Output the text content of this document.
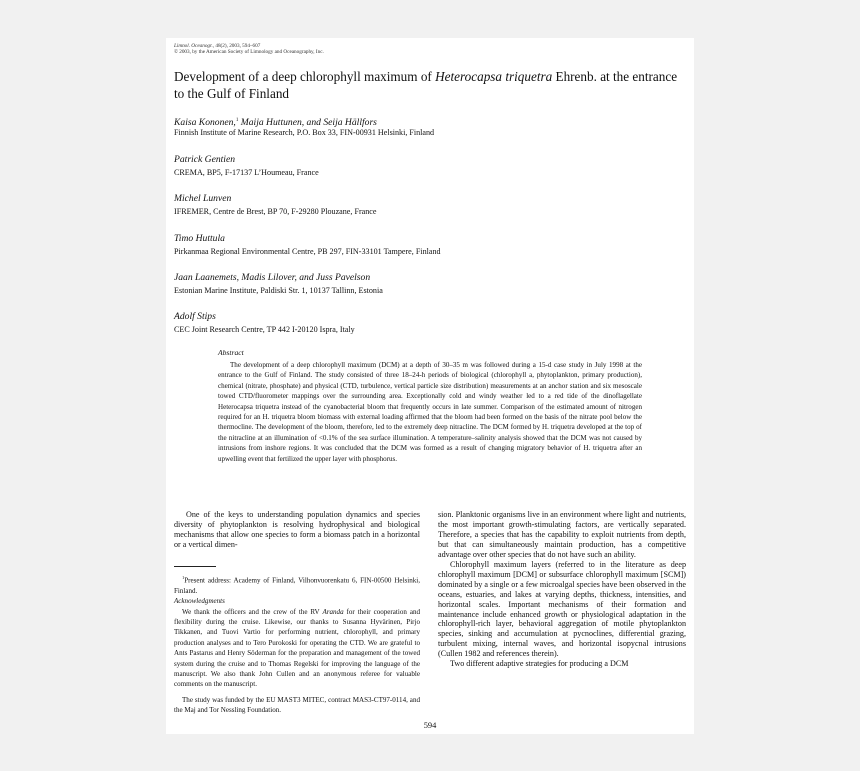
Limnol. Oceanogr., 48(2), 2003, 594–607
© 2003, by the American Society of Limnology and Oceanography, Inc.
Development of a deep chlorophyll maximum of Heterocapsa triquetra Ehrenb. at the entrance to the Gulf of Finland
Kaisa Kononen,$^1$ Maija Huttunen, and Seija Hällfors
Finnish Institute of Marine Research, P.O. Box 33, FIN-00931 Helsinki, Finland
Patrick Gentien
CREMA, BP5, F-17137 L’Houmeau, France
Michel Lunven
IFREMER, Centre de Brest, BP 70, F-29280 Plouzane, France
Timo Huttula
Pirkanmaa Regional Environmental Centre, PB 297, FIN-33101 Tampere, Finland
Jaan Laanemets, Madis Lilover, and Juss Pavelson
Estonian Marine Institute, Paldiski Str. 1, 10137 Tallinn, Estonia
Adolf Stips
CEC Joint Research Centre, TP 442 I-20120 Ispra, Italy
Abstract

The development of a deep chlorophyll maximum (DCM) at a depth of 30–35 m was followed during a 15-d case study in July 1998 at the entrance to the Gulf of Finland. The study consisted of three 18–24-h periods of biological (chlorophyll a, phytoplankton, primary production), chemical (nitrate, phosphate) and physical (CTD, turbulence, vertical particle size distribution) measurements at an anchor station and six mesoscale towed CTD/fluorometer mappings over the surrounding area. Exceptionally cold and windy weather led to a red tide of the dinoflagellate Heterocapsa triquetra instead of the cyanobacterial bloom that frequently occurs in late summer. Comparison of the estimated amount of nitrogen required for an H. triquetra bloom biomass with external loading affirmed that the bloom had been formed on the basis of the nitrate pool below the thermocline. The development of the bloom, therefore, led to the extremely deep nitracline. The DCM formed by H. triquetra developed at the top of the nitracline at an illumination of <0.1% of the sea surface illumination. A temperature–salinity analysis showed that the DCM was not caused by intrusions from inshore regions. It was concluded that the DCM was formed as a result of changing migratory behavior of H. triquetra after an upwelling event that fertilized the upper layer with phosphorus.

One of the keys to understanding population dynamics and species diversity of phytoplankton is resolving hydrophysical and biological mechanisms that allow one species to form a biomass patch in a horizontal or a vertical dimen-

$^1$Present address: Academy of Finland, Vilhonvuorenkatu 6, FIN-00500 Helsinki, Finland.

Acknowledgments

We thank the officers and the crew of the RV Aranda for their cooperation and flexibility during the cruise. Likewise, our thanks to Susanna Hyvärinen, Pirjo Tikkanen, and Tuovi Vartio for performing nutrient, chlorophyll, and primary production analyses and to Tero Purokoski for operating the CTD. We are grateful to Ants Pastarus and Henry Söderman for the preparation and management of the towed system during the cruise and to Thomas Regelski for improving the language of the manuscript. We also thank John Cullen and an anonymous referee for valuable comments on the manuscript.

The study was funded by the EU MAST3 MITEC, contract MAS3-CT97-0114, and the Maj and Tor Nessling Foundation.

sion. Planktonic organisms live in an environment where light and nutrients, the most important growth-stimulating factors, are vertically separated. Therefore, a species that has the capability to exploit nutrients from depth, but that can simultaneously maintain production, has a competitive advantage over other species that do not have such an ability.

Chlorophyll maximum layers (referred to in the literature as deep chlorophyll maximum [DCM] or subsurface chlorophyll maximum [SCM]) dominated by a single or a few microalgal species have been observed in the oceans, estuaries, and lakes at varying depths, thickness, intensities, and horizontal scales. Important mechanisms of their formation and maintenance include enhanced growth or physiological adaptation in the chlorophyll-rich layer, behavioral aggregation of motile phytoplankton species, sinking and accumulation at pycnoclines, differential grazing, turbulent mixing, internal waves, and horizontal isopycnal intrusions (Cullen 1982 and references therein).

Two different adaptive strategies for producing a DCM

594
